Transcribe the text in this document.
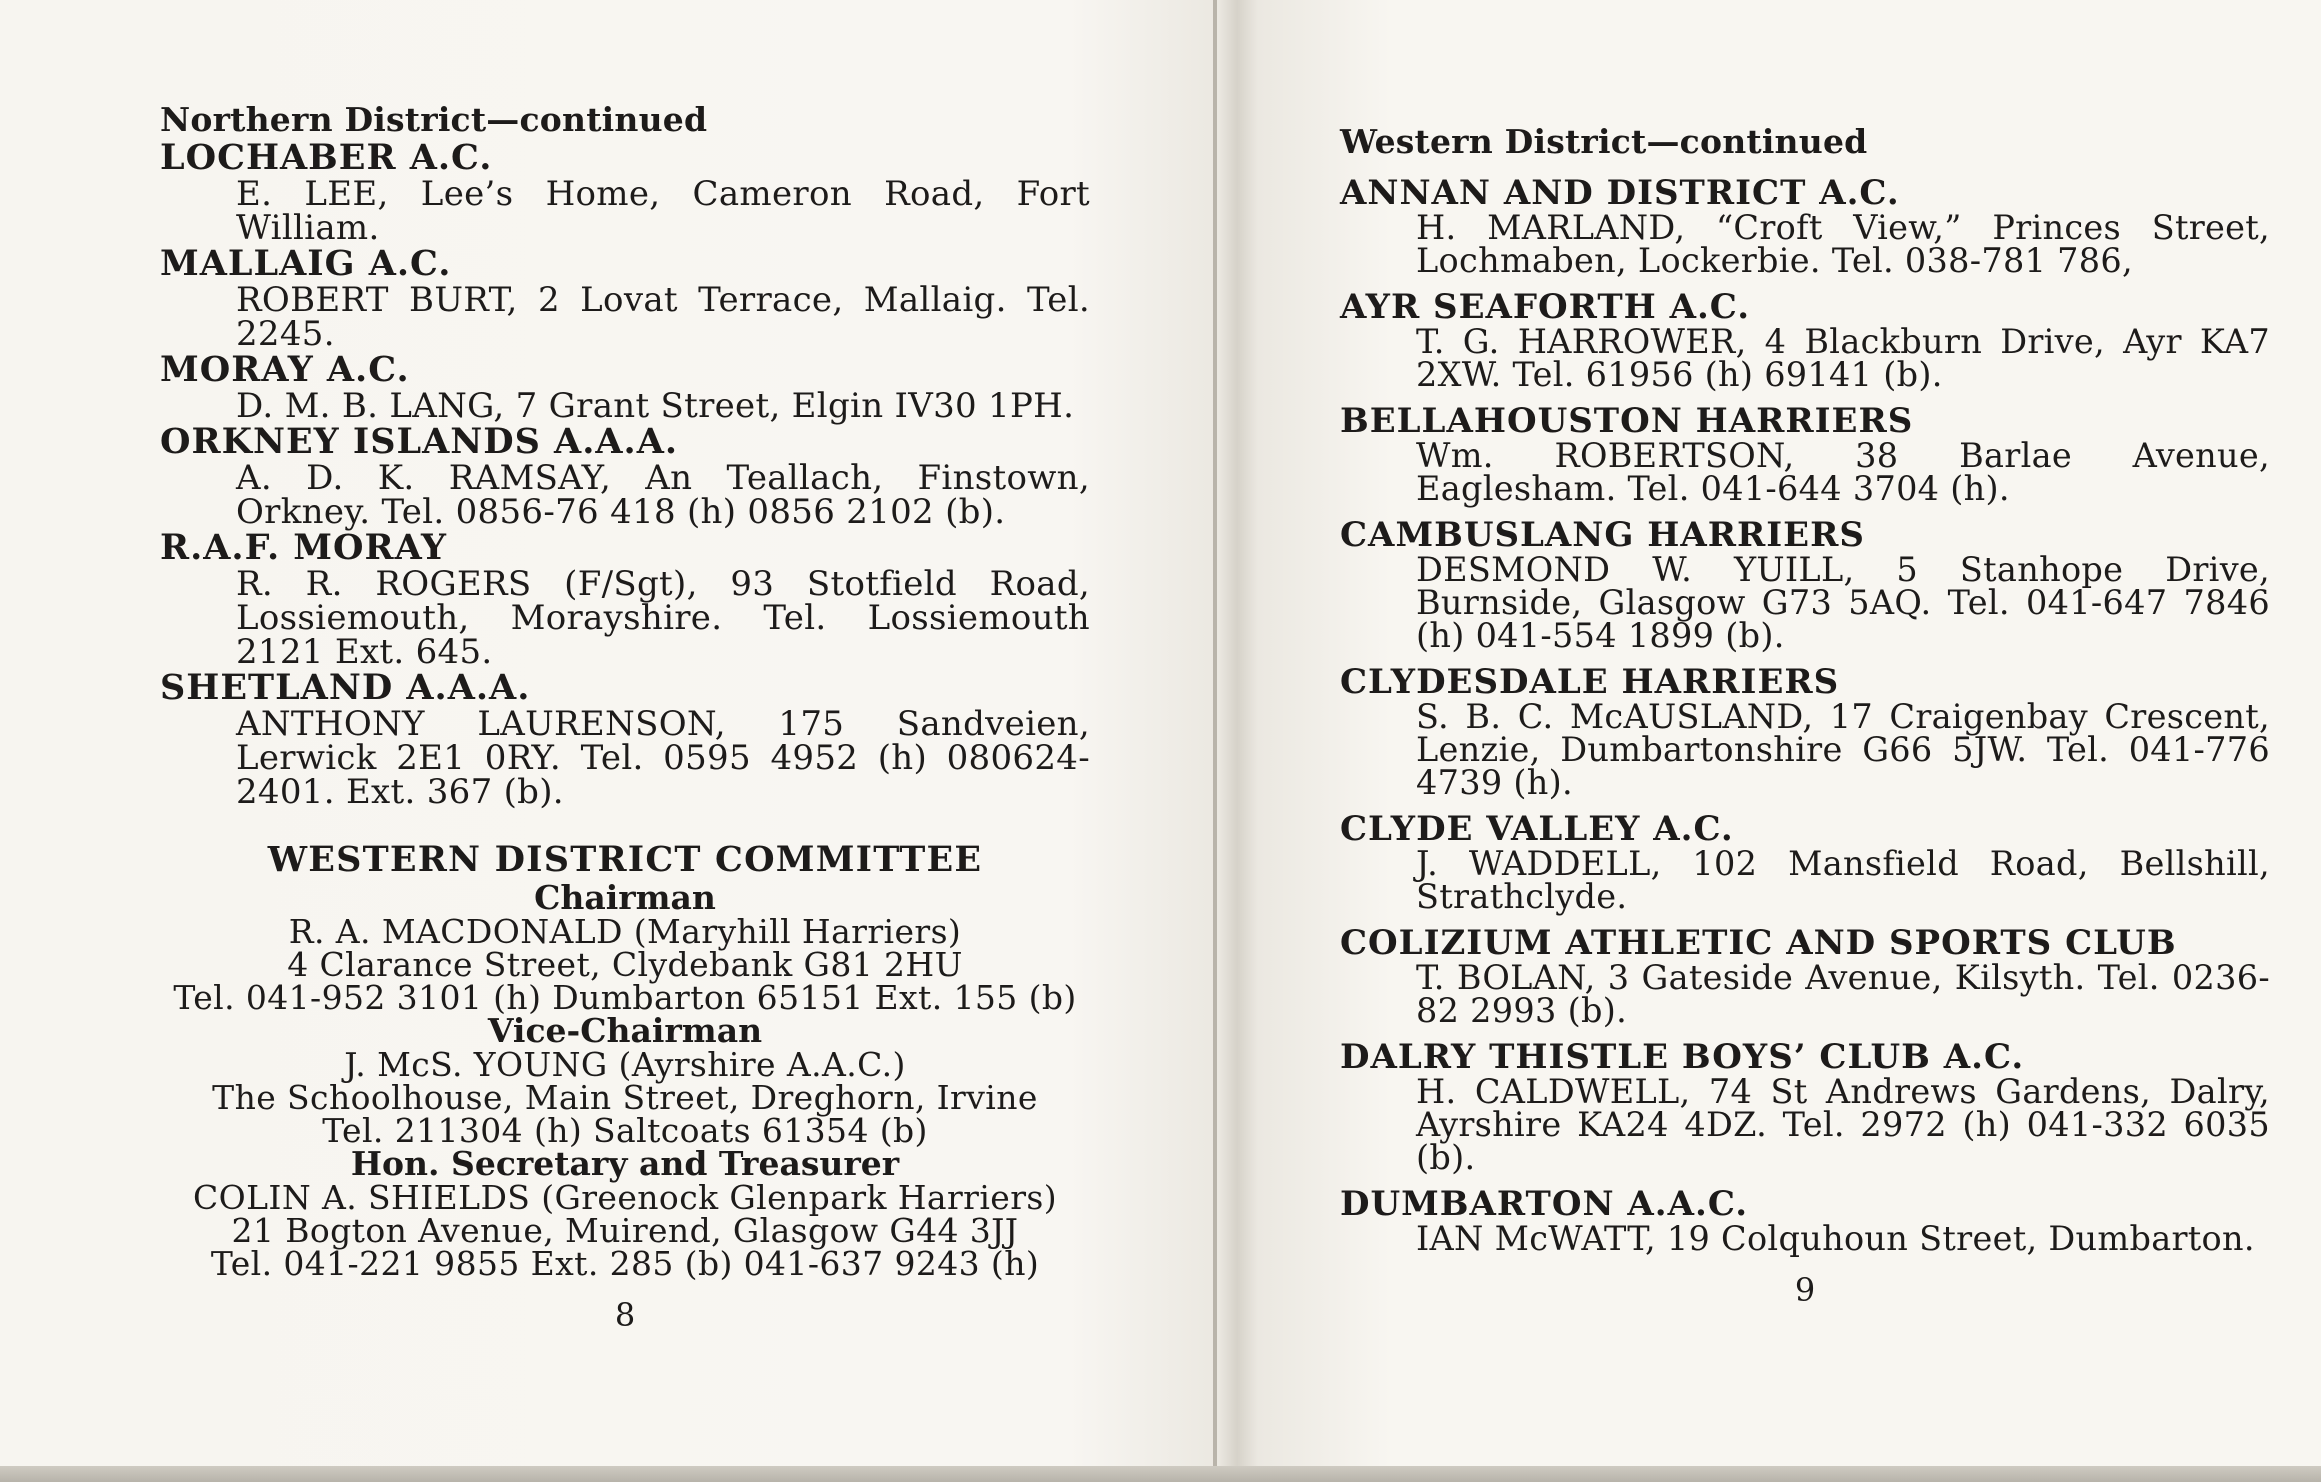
Northern District—continued
LOCHABER A.C.
E. LEE, Lee’s Home, Cameron Road, Fort William.
MALLAIG A.C.
ROBERT BURT, 2 Lovat Terrace, Mallaig. Tel. 2245.
MORAY A.C.
D. M. B. LANG, 7 Grant Street, Elgin IV30 1PH.
ORKNEY ISLANDS A.A.A.
A. D. K. RAMSAY, An Teallach, Finstown, Orkney. Tel. 0856-76 418 (h) 0856 2102 (b).
R.A.F. MORAY
R. R. ROGERS (F/Sgt), 93 Stotfield Road, Lossiemouth, Morayshire. Tel. Lossiemouth 2121 Ext. 645.
SHETLAND A.A.A.
ANTHONY LAURENSON, 175 Sandveien, Lerwick 2E1 0RY. Tel. 0595 4952 (h) 080624-2401. Ext. 367 (b).
WESTERN DISTRICT COMMITTEE
Chairman
R. A. MACDONALD (Maryhill Harriers)
4 Clarance Street, Clydebank G81 2HU
Tel. 041-952 3101 (h) Dumbarton 65151 Ext. 155 (b)
Vice-Chairman
J. McS. YOUNG (Ayrshire A.A.C.)
The Schoolhouse, Main Street, Dreghorn, Irvine
Tel. 211304 (h) Saltcoats 61354 (b)
Hon. Secretary and Treasurer
COLIN A. SHIELDS (Greenock Glenpark Harriers)
21 Bogton Avenue, Muirend, Glasgow G44 3JJ
Tel. 041-221 9855 Ext. 285 (b) 041-637 9243 (h)
8
Western District—continued
ANNAN AND DISTRICT A.C.
H. MARLAND, “Croft View,” Princes Street, Lochmaben, Lockerbie. Tel. 038-781 786,
AYR SEAFORTH A.C.
T. G. HARROWER, 4 Blackburn Drive, Ayr KA7 2XW. Tel. 61956 (h) 69141 (b).
BELLAHOUSTON HARRIERS
Wm. ROBERTSON, 38 Barlae Avenue, Eaglesham. Tel. 041-644 3704 (h).
CAMBUSLANG HARRIERS
DESMOND W. YUILL, 5 Stanhope Drive, Burnside, Glasgow G73 5AQ. Tel. 041-647 7846 (h) 041-554 1899 (b).
CLYDESDALE HARRIERS
S. B. C. McAUSLAND, 17 Craigenbay Crescent, Lenzie, Dumbartonshire G66 5JW. Tel. 041-776 4739 (h).
CLYDE VALLEY A.C.
J. WADDELL, 102 Mansfield Road, Bellshill, Strathclyde.
COLIZIUM ATHLETIC AND SPORTS CLUB
T. BOLAN, 3 Gateside Avenue, Kilsyth. Tel. 0236-82 2993 (b).
DALRY THISTLE BOYS’ CLUB A.C.
H. CALDWELL, 74 St Andrews Gardens, Dalry, Ayrshire KA24 4DZ. Tel. 2972 (h) 041-332 6035 (b).
DUMBARTON A.A.C.
IAN McWATT, 19 Colquhoun Street, Dumbarton.
9
